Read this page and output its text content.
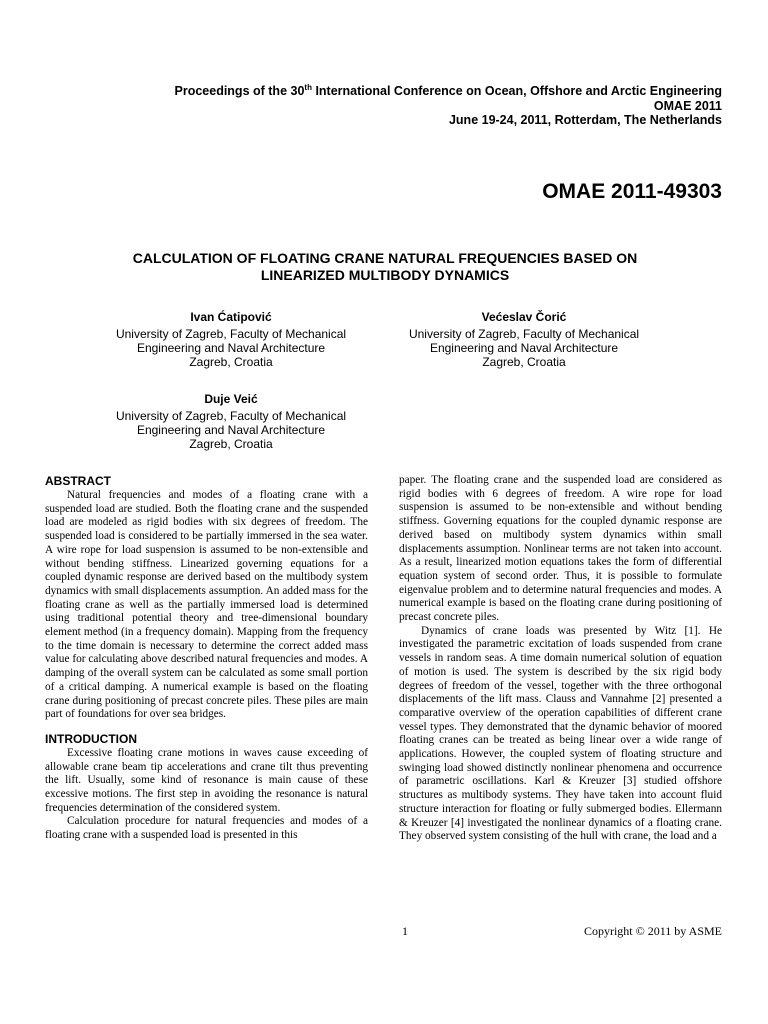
Proceedings of the 30th International Conference on Ocean, Offshore and Arctic Engineering
OMAE 2011
June 19-24, 2011, Rotterdam, The Netherlands
OMAE 2011-49303
CALCULATION OF FLOATING CRANE NATURAL FREQUENCIES BASED ON
LINEARIZED MULTIBODY DYNAMICS
Ivan Ćatipović
University of Zagreb, Faculty of Mechanical
Engineering and Naval Architecture
Zagreb, Croatia
Većeslav Čorić
University of Zagreb, Faculty of Mechanical
Engineering and Naval Architecture
Zagreb, Croatia
Duje Veić
University of Zagreb, Faculty of Mechanical
Engineering and Naval Architecture
Zagreb, Croatia
ABSTRACT

Natural frequencies and modes of a floating crane with a suspended load are studied. Both the floating crane and the suspended load are modeled as rigid bodies with six degrees of freedom. The suspended load is considered to be partially immersed in the sea water. A wire rope for load suspension is assumed to be non-extensible and without bending stiffness. Linearized governing equations for a coupled dynamic response are derived based on the multibody system dynamics with small displacements assumption. An added mass for the floating crane as well as the partially immersed load is determined using traditional potential theory and tree-dimensional boundary element method (in a frequency domain). Mapping from the frequency to the time domain is necessary to determine the correct added mass value for calculating above described natural frequencies and modes. A damping of the overall system can be calculated as some small portion of a critical damping. A numerical example is based on the floating crane during positioning of precast concrete piles. These piles are main part of foundations for over sea bridges.

INTRODUCTION

Excessive floating crane motions in waves cause exceeding of allowable crane beam tip accelerations and crane tilt thus preventing the lift. Usually, some kind of resonance is main cause of these excessive motions. The first step in avoiding the resonance is natural frequencies determination of the considered system.

Calculation procedure for natural frequencies and modes of a floating crane with a suspended load is presented in this

paper. The floating crane and the suspended load are considered as rigid bodies with 6 degrees of freedom. A wire rope for load suspension is assumed to be non-extensible and without bending stiffness. Governing equations for the coupled dynamic response are derived based on multibody system dynamics within small displacements assumption. Nonlinear terms are not taken into account. As a result, linearized motion equations takes the form of differential equation system of second order. Thus, it is possible to formulate eigenvalue problem and to determine natural frequencies and modes. A numerical example is based on the floating crane during positioning of precast concrete piles.

Dynamics of crane loads was presented by Witz [1]. He investigated the parametric excitation of loads suspended from crane vessels in random seas. A time domain numerical solution of equation of motion is used. The system is described by the six rigid body degrees of freedom of the vessel, together with the three orthogonal displacements of the lift mass. Clauss and Vannahme [2] presented a comparative overview of the operation capabilities of different crane vessel types. They demonstrated that the dynamic behavior of moored floating cranes can be treated as being linear over a wide range of applications. However, the coupled system of floating structure and swinging load showed distinctly nonlinear phenomena and occurrence of parametric oscillations. Karl & Kreuzer [3] studied offshore structures as multibody systems. They have taken into account fluid structure interaction for floating or fully submerged bodies. Ellermann & Kreuzer [4] investigated the nonlinear dynamics of a floating crane. They observed system consisting of the hull with crane, the load and a

1	Copyright © 2011 by ASME
